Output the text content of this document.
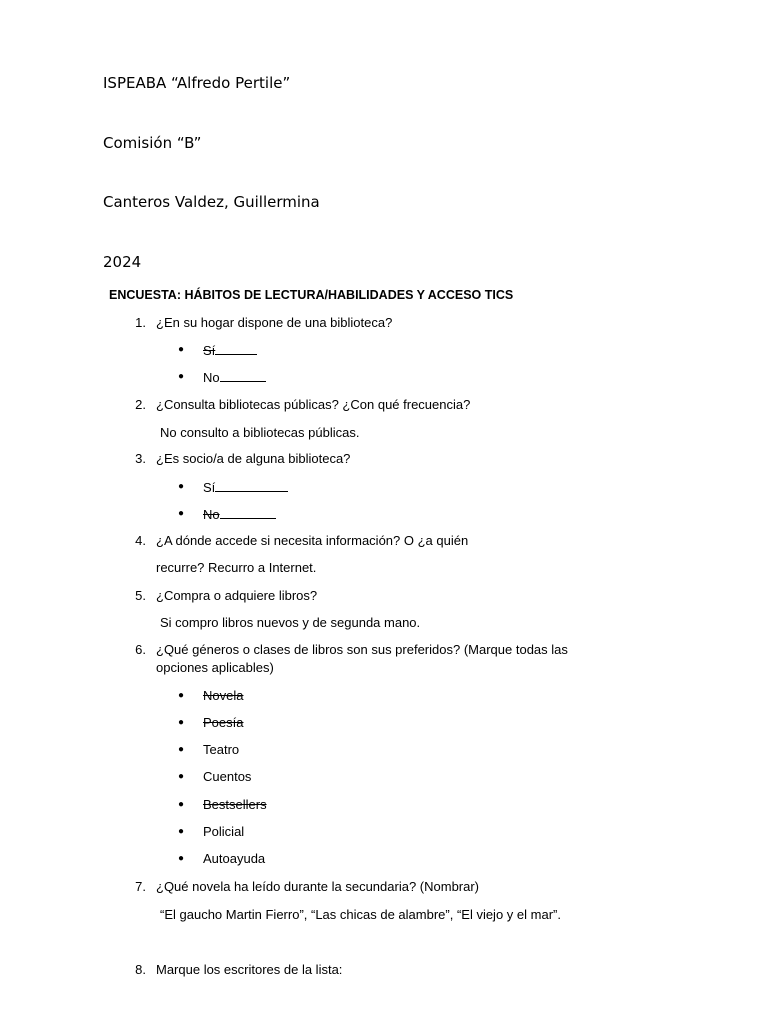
ISPEABA “Alfredo Pertile”
Comisión “B”
Canteros Valdez, Guillermina
2024
ENCUESTA: HÁBITOS DE LECTURA/HABILIDADES Y ACCESO TICS
1. ¿En su hogar dispone de una biblioteca?
●	Sí
●	No
2. ¿Consulta bibliotecas públicas? ¿Con qué frecuencia?
No consulto a bibliotecas públicas.
3. ¿Es socio/a de alguna biblioteca?
●	Sí
●	No
4. ¿A dónde accede si necesita información? O ¿a quién
recurre? Recurro a Internet.
5. ¿Compra o adquiere libros?
Si compro libros nuevos y de segunda mano.
6. ¿Qué géneros o clases de libros son sus preferidos? (Marque todas las opciones aplicables)
●	Novela
●	Poesía
●	Teatro
●	Cuentos
●	Bestsellers
●	Policial
●	Autoayuda
7. ¿Qué novela ha leído durante la secundaria? (Nombrar)
“El gaucho Martin Fierro”, “Las chicas de alambre”, “El viejo y el mar”.
8. Marque los escritores de la lista:
